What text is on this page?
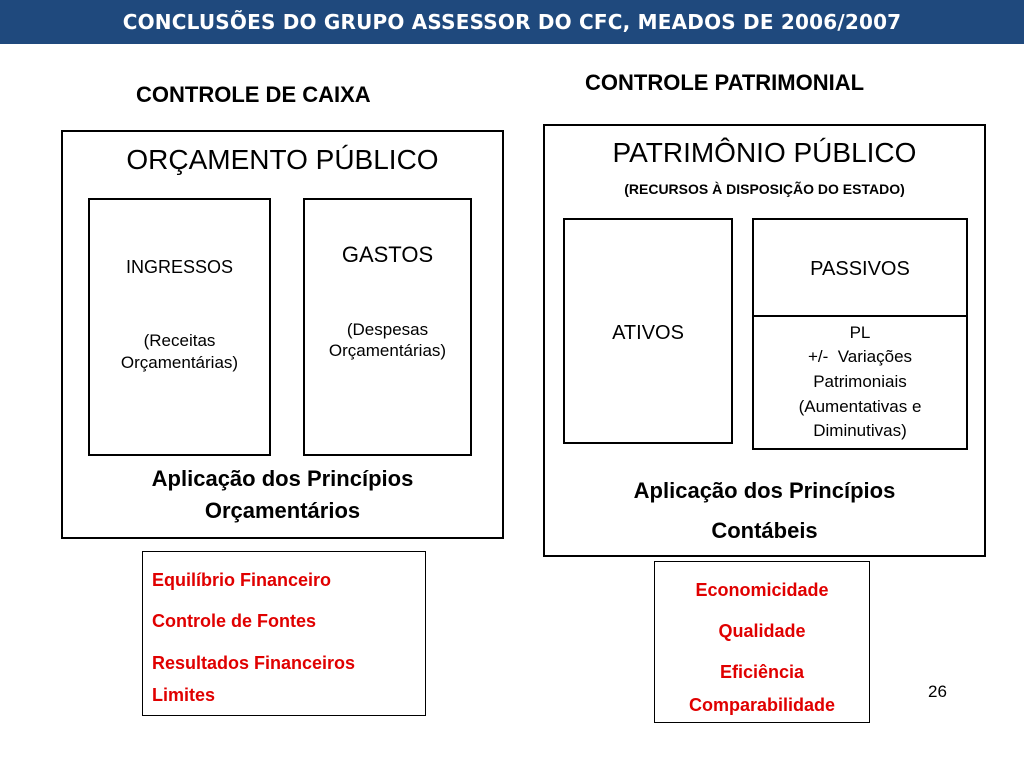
CONCLUSÕES DO GRUPO ASSESSOR DO CFC, MEADOS DE 2006/2007
CONTROLE DE CAIXA
ORÇAMENTO PÚBLICO
INGRESSOS
(Receitas
Orçamentárias)
GASTOS
(Despesas
Orçamentárias)
Aplicação dos Princípios
Orçamentários
Equilíbrio Financeiro
Controle de Fontes
Resultados Financeiros
Limites
CONTROLE PATRIMONIAL
PATRIMÔNIO PÚBLICO
(RECURSOS À DISPOSIÇÃO DO ESTADO)
ATIVOS
PASSIVOS
PL
+/-  Variações
Patrimoniais
(Aumentativas e
Diminutivas)
Aplicação dos Princípios
Contábeis
Economicidade
Qualidade
Eficiência
Comparabilidade
26
